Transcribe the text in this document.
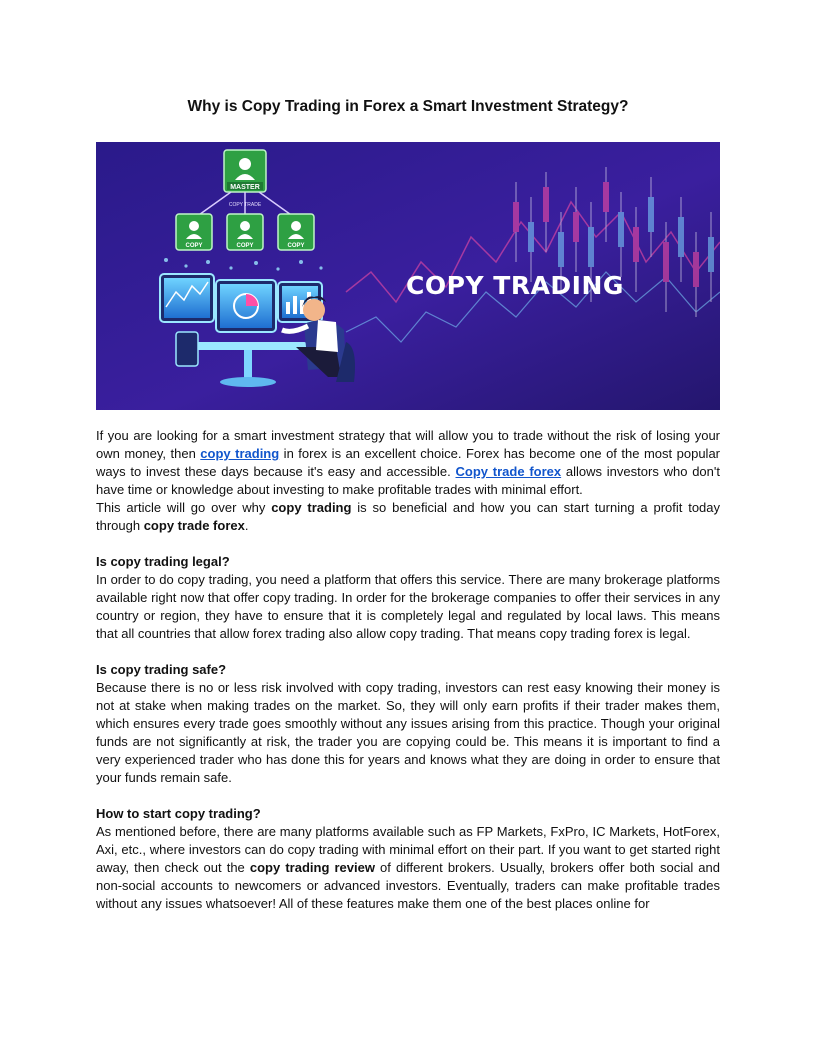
Why is Copy Trading in Forex a Smart Investment Strategy?
MASTER
COPY TRADE
COPY	COPY	COPY
COPY TRADING

If you are looking for a smart investment strategy that will allow you to trade without the risk of losing your own money, then copy trading in forex is an excellent choice. Forex has become one of the most popular ways to invest these days because it's easy and accessible. Copy trade forex allows investors who don't have time or knowledge about investing to make profitable trades with minimal effort.

This article will go over why copy trading is so beneficial and how you can start turning a profit today through copy trade forex.

Is copy trading legal?

In order to do copy trading, you need a platform that offers this service. There are many brokerage platforms available right now that offer copy trading. In order for the brokerage companies to offer their services in any country or region, they have to ensure that it is completely legal and regulated by local laws. This means that all countries that allow forex trading also allow copy trading. That means copy trading forex is legal.

Is copy trading safe?

Because there is no or less risk involved with copy trading, investors can rest easy knowing their money is not at stake when making trades on the market. So, they will only earn profits if their trader makes them, which ensures every trade goes smoothly without any issues arising from this practice. Though your original funds are not significantly at risk, the trader you are copying could be. This means it is important to find a very experienced trader who has done this for years and knows what they are doing in order to ensure that your funds remain safe.

How to start copy trading?

As mentioned before, there are many platforms available such as FP Markets, FxPro, IC Markets, HotForex, Axi, etc., where investors can do copy trading with minimal effort on their part. If you want to get started right away, then check out the copy trading review of different brokers. Usually, brokers offer both social and non-social accounts to newcomers or advanced investors. Eventually, traders can make profitable trades without any issues whatsoever! All of these features make them one of the best places online for
